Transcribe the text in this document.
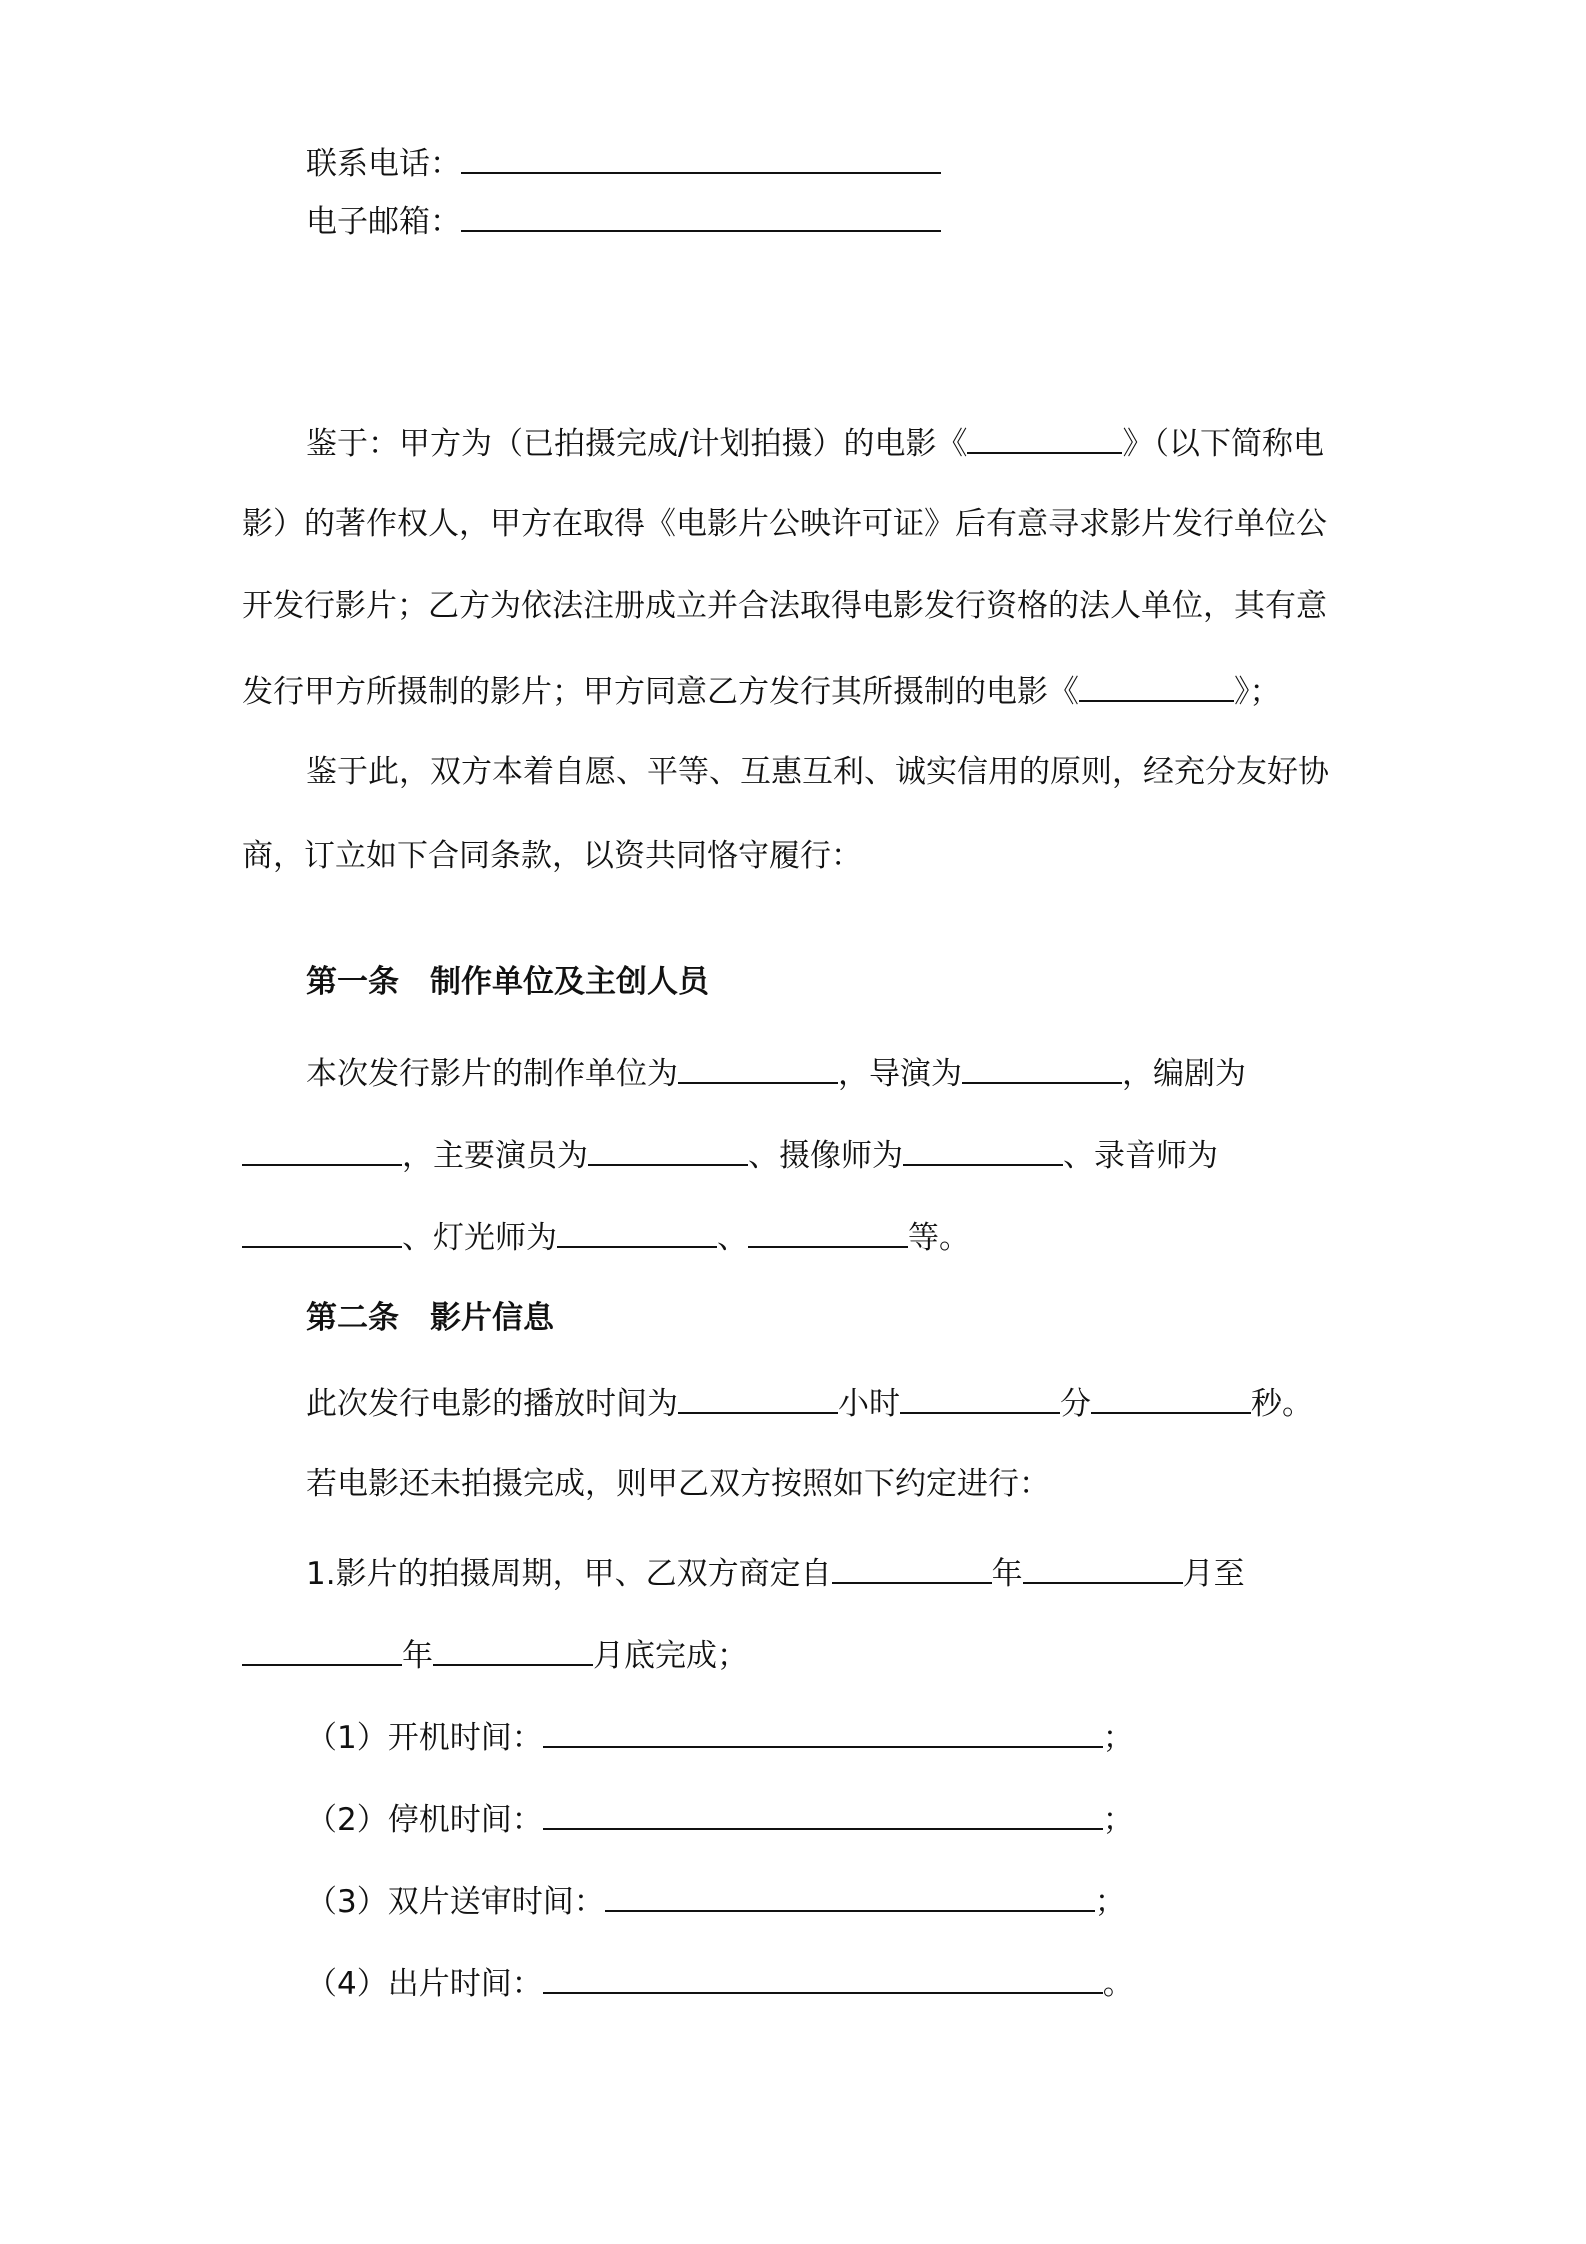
联系电话：

电子邮箱：

鉴于：甲方为（已拍摄完成/计划拍摄）的电影《	》（以下简称电

影）的著作权人，甲方在取得《电影片公映许可证》后有意寻求影片发行单位公

开发行影片；乙方为依法注册成立并合法取得电影发行资格的法人单位，其有意

发行甲方所摄制的影片；甲方同意乙方发行其所摄制的电影《	》；

鉴于此，双方本着自愿、平等、互惠互利、诚实信用的原则，经充分友好协

商，订立如下合同条款，以资共同恪守履行：

第一条　制作单位及主创人员

本次发行影片的制作单位为	，导演为	，编剧为

，主要演员为	、摄像师为	、录音师为

、灯光师为	、	等。

第二条　影片信息

此次发行电影的播放时间为	小时	分	秒。

若电影还未拍摄完成，则甲乙双方按照如下约定进行：

1.影片的拍摄周期，甲、乙双方商定自	年	月至

年	月底完成；

（1）开机时间：	；

（2）停机时间：	；

（3）双片送审时间：	；

（4）出片时间：	。
